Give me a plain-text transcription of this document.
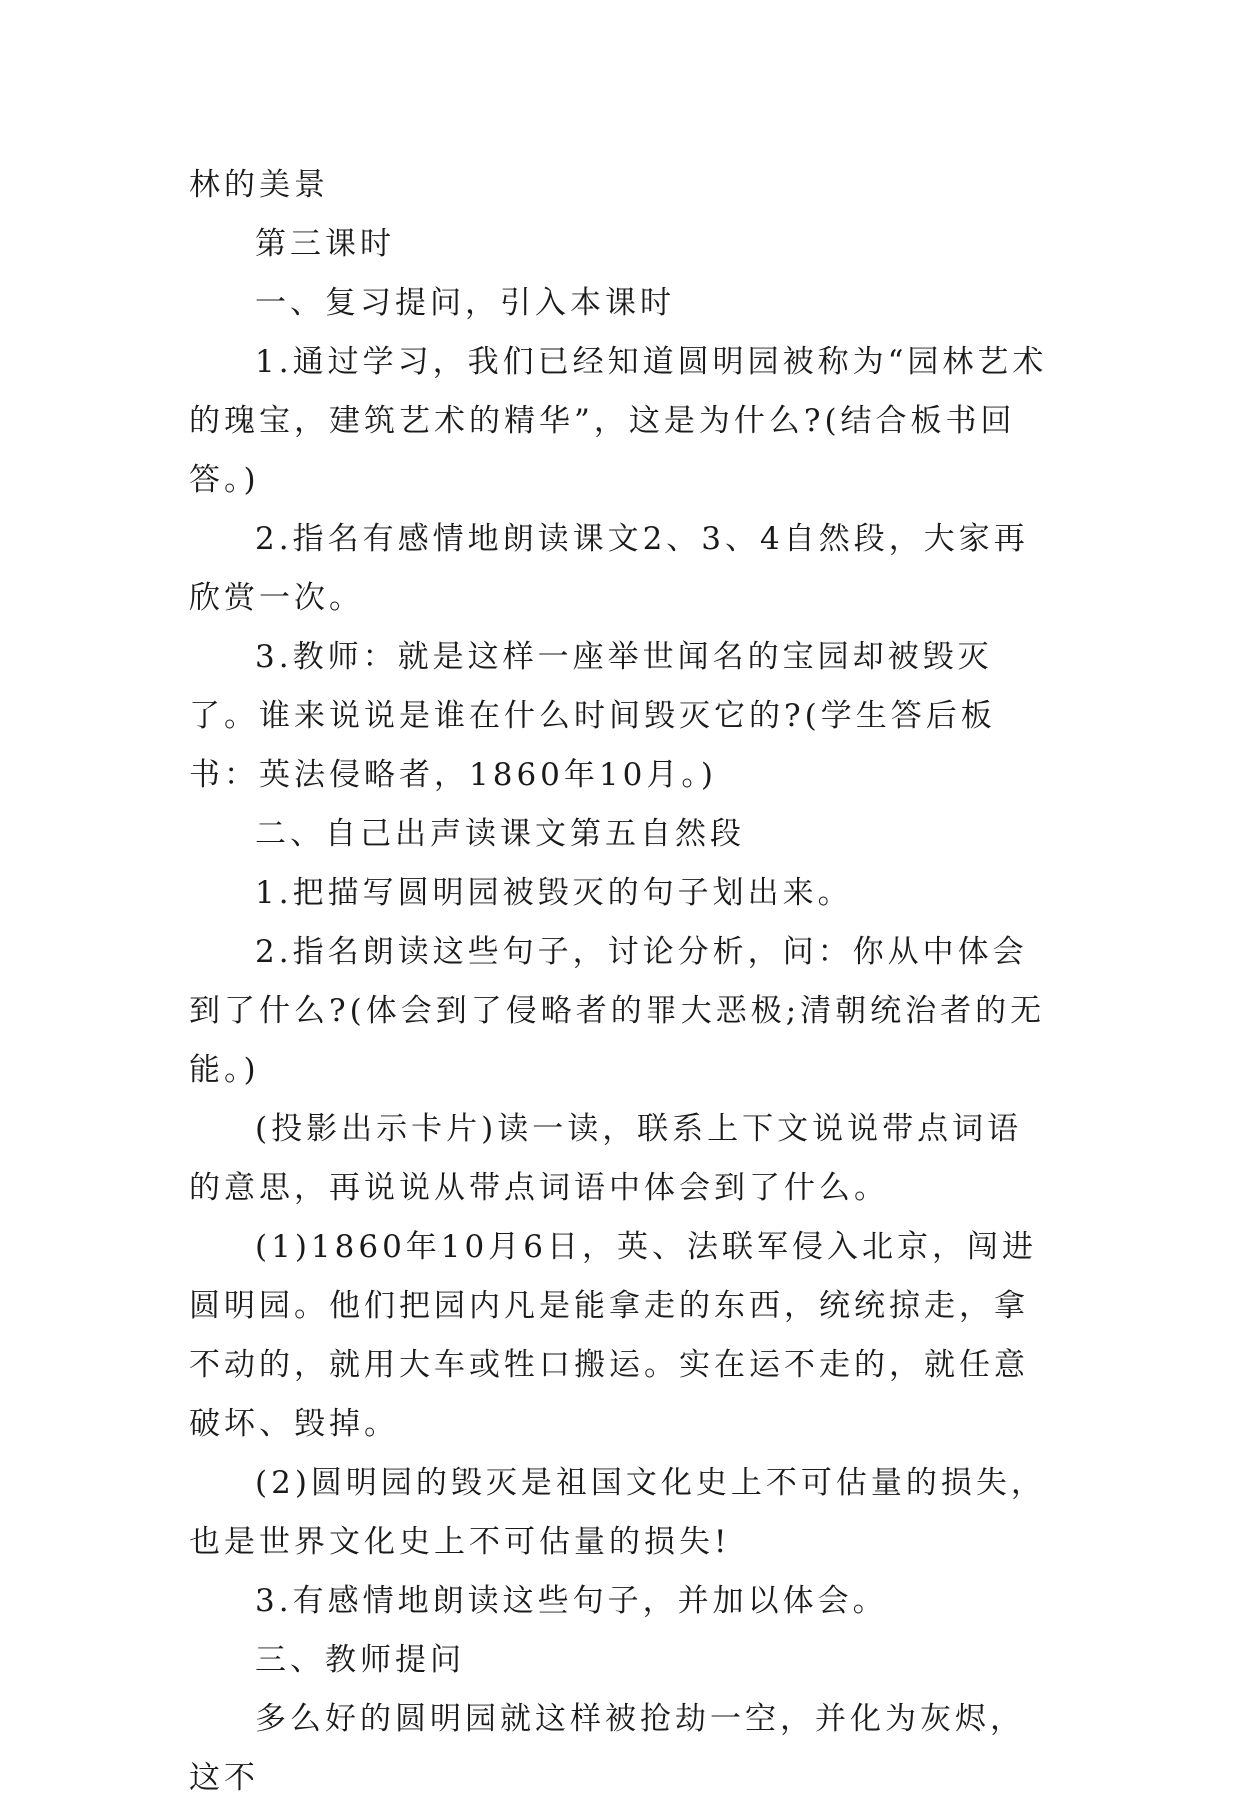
林的美景

第三课时

一、复习提问，引入本课时

1.通过学习，我们已经知道圆明园被称为“园林艺术的瑰宝，建筑艺术的精华”，这是为什么?(结合板书回答。)

2.指名有感情地朗读课文2、3、4自然段，大家再欣赏一次。

3.教师：就是这样一座举世闻名的宝园却被毁灭了。谁来说说是谁在什么时间毁灭它的?(学生答后板书：英法侵略者，1860年10月。)

二、自己出声读课文第五自然段

1.把描写圆明园被毁灭的句子划出来。

2.指名朗读这些句子，讨论分析，问：你从中体会到了什么?(体会到了侵略者的罪大恶极;清朝统治者的无能。)

(投影出示卡片)读一读，联系上下文说说带点词语的意思，再说说从带点词语中体会到了什么。

(1)1860年10月6日，英、法联军侵入北京，闯进圆明园。他们把园内凡是能拿走的东西，统统掠走，拿不动的，就用大车或牲口搬运。实在运不走的，就任意破坏、毁掉。

(2)圆明园的毁灭是祖国文化史上不可估量的损失，也是世界文化史上不可估量的损失!

3.有感情地朗读这些句子，并加以体会。

三、教师提问

多么好的圆明园就这样被抢劫一空，并化为灰烬，这不
